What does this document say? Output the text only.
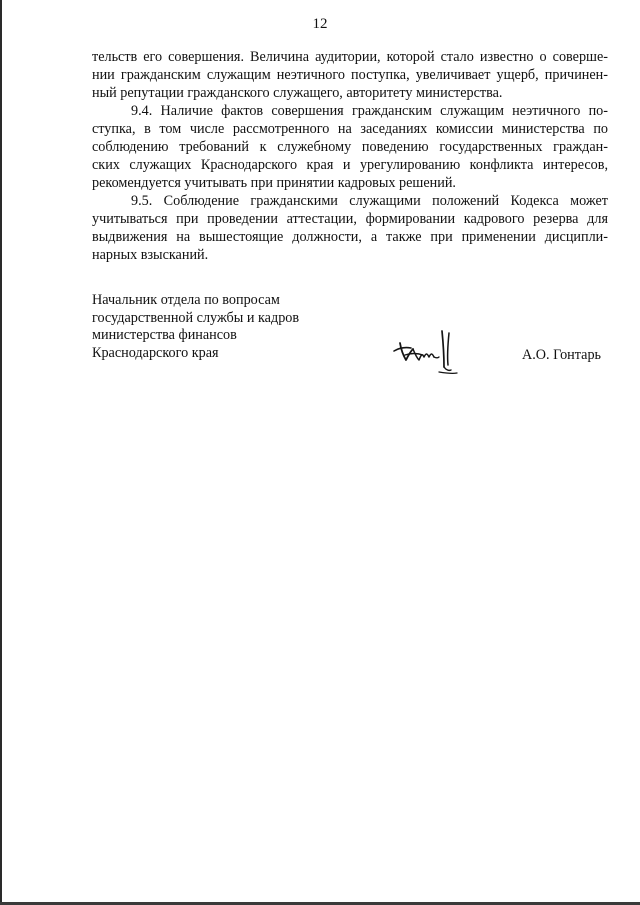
12
тельств его совершения. Величина аудитории, которой стало известно о соверше-
нии гражданским служащим неэтичного поступка, увеличивает ущерб, причинен-
ный репутации гражданского служащего, авторитету министерства.
9.4. Наличие фактов совершения гражданским служащим неэтичного по-
ступка, в том числе рассмотренного на заседаниях комиссии министерства по
соблюдению требований к служебному поведению государственных граждан-
ских служащих Краснодарского края и урегулированию конфликта интересов,
рекомендуется учитывать при принятии кадровых решений.
9.5. Соблюдение гражданскими служащими положений Кодекса может
учитываться при проведении аттестации, формировании кадрового резерва для
выдвижения на вышестоящие должности, а также при применении дисципли-
нарных взысканий.
Начальник отдела по вопросам
государственной службы и кадров
министерства финансов
Краснодарского края	А.О. Гонтарь
